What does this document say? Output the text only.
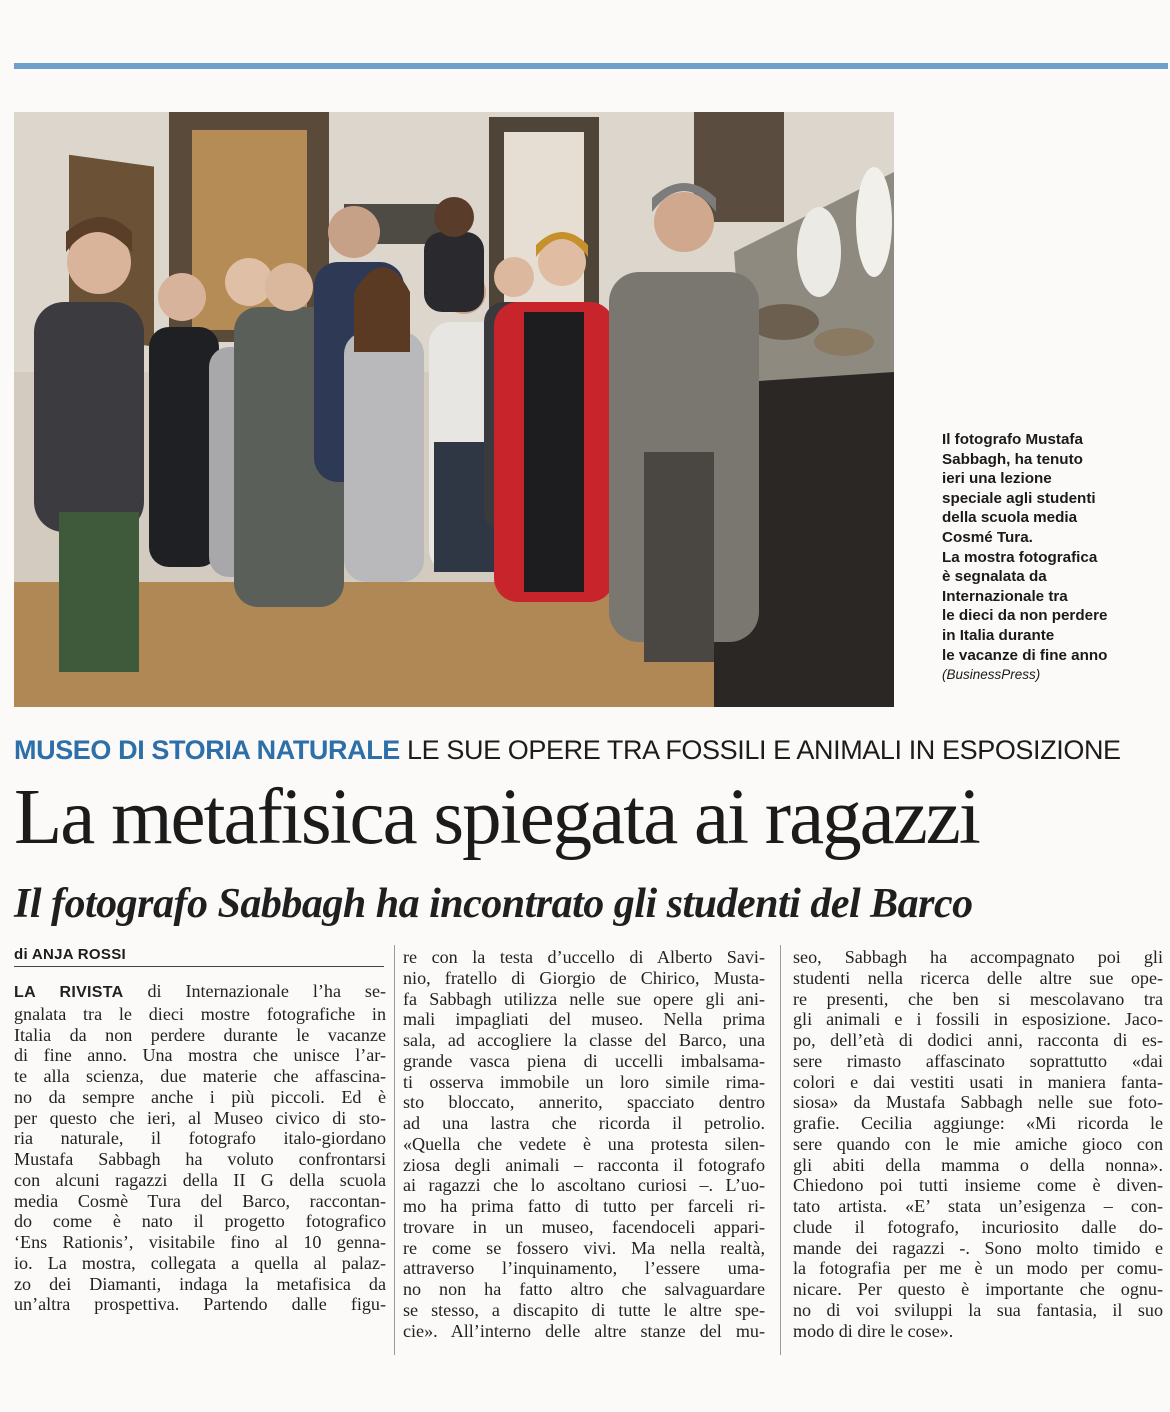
Il fotografo Mustafa

Sabbagh, ha tenuto

ieri una lezione

speciale agli studenti

della scuola media

Cosmé Tura.

La mostra fotografica

è segnalata da

Internazionale tra

le dieci da non perdere

in Italia durante

le vacanze di fine anno

(BusinessPress)

MUSEO DI STORIA NATURALE LE SUE OPERE TRA FOSSILI E ANIMALI IN ESPOSIZIONE
La metafisica spiegata ai ragazzi
Il fotografo Sabbagh ha incontrato gli studenti del Barco
di ANJA ROSSI
LA RIVISTA di Internazionale l’ha se-
gnalata tra le dieci mostre fotografiche in
Italia da non perdere durante le vacanze
di fine anno. Una mostra che unisce l’ar-
te alla scienza, due materie che affascina-
no da sempre anche i più piccoli. Ed è
per questo che ieri, al Museo civico di sto-
ria naturale, il fotografo italo-giordano
Mustafa Sabbagh ha voluto confrontarsi
con alcuni ragazzi della II G della scuola
media Cosmè Tura del Barco, raccontan-
do come è nato il progetto fotografico
‘Ens Rationis’, visitabile fino al 10 genna-
io. La mostra, collegata a quella al palaz-
zo dei Diamanti, indaga la metafisica da
un’altra prospettiva. Partendo dalle figu-
re con la testa d’uccello di Alberto Savi-
nio, fratello di Giorgio de Chirico, Musta-
fa Sabbagh utilizza nelle sue opere gli ani-
mali impagliati del museo. Nella prima
sala, ad accogliere la classe del Barco, una
grande vasca piena di uccelli imbalsama-
ti osserva immobile un loro simile rima-
sto bloccato, annerito, spacciato dentro
ad una lastra che ricorda il petrolio.
«Quella che vedete è una protesta silen-
ziosa degli animali – racconta il fotografo
ai ragazzi che lo ascoltano curiosi –. L’uo-
mo ha prima fatto di tutto per farceli ri-
trovare in un museo, facendoceli appari-
re come se fossero vivi. Ma nella realtà,
attraverso l’inquinamento, l’essere uma-
no non ha fatto altro che salvaguardare
se stesso, a discapito di tutte le altre spe-
cie». All’interno delle altre stanze del mu-
seo, Sabbagh ha accompagnato poi gli
studenti nella ricerca delle altre sue ope-
re presenti, che ben si mescolavano tra
gli animali e i fossili in esposizione. Jaco-
po, dell’età di dodici anni, racconta di es-
sere rimasto affascinato soprattutto «dai
colori e dai vestiti usati in maniera fanta-
siosa» da Mustafa Sabbagh nelle sue foto-
grafie. Cecilia aggiunge: «Mi ricorda le
sere quando con le mie amiche gioco con
gli abiti della mamma o della nonna».
Chiedono poi tutti insieme come è diven-
tato artista. «E’ stata un’esigenza – con-
clude il fotografo, incuriosito dalle do-
mande dei ragazzi -. Sono molto timido e
la fotografia per me è un modo per comu-
nicare. Per questo è importante che ognu-
no di voi sviluppi la sua fantasia, il suo
modo di dire le cose».
